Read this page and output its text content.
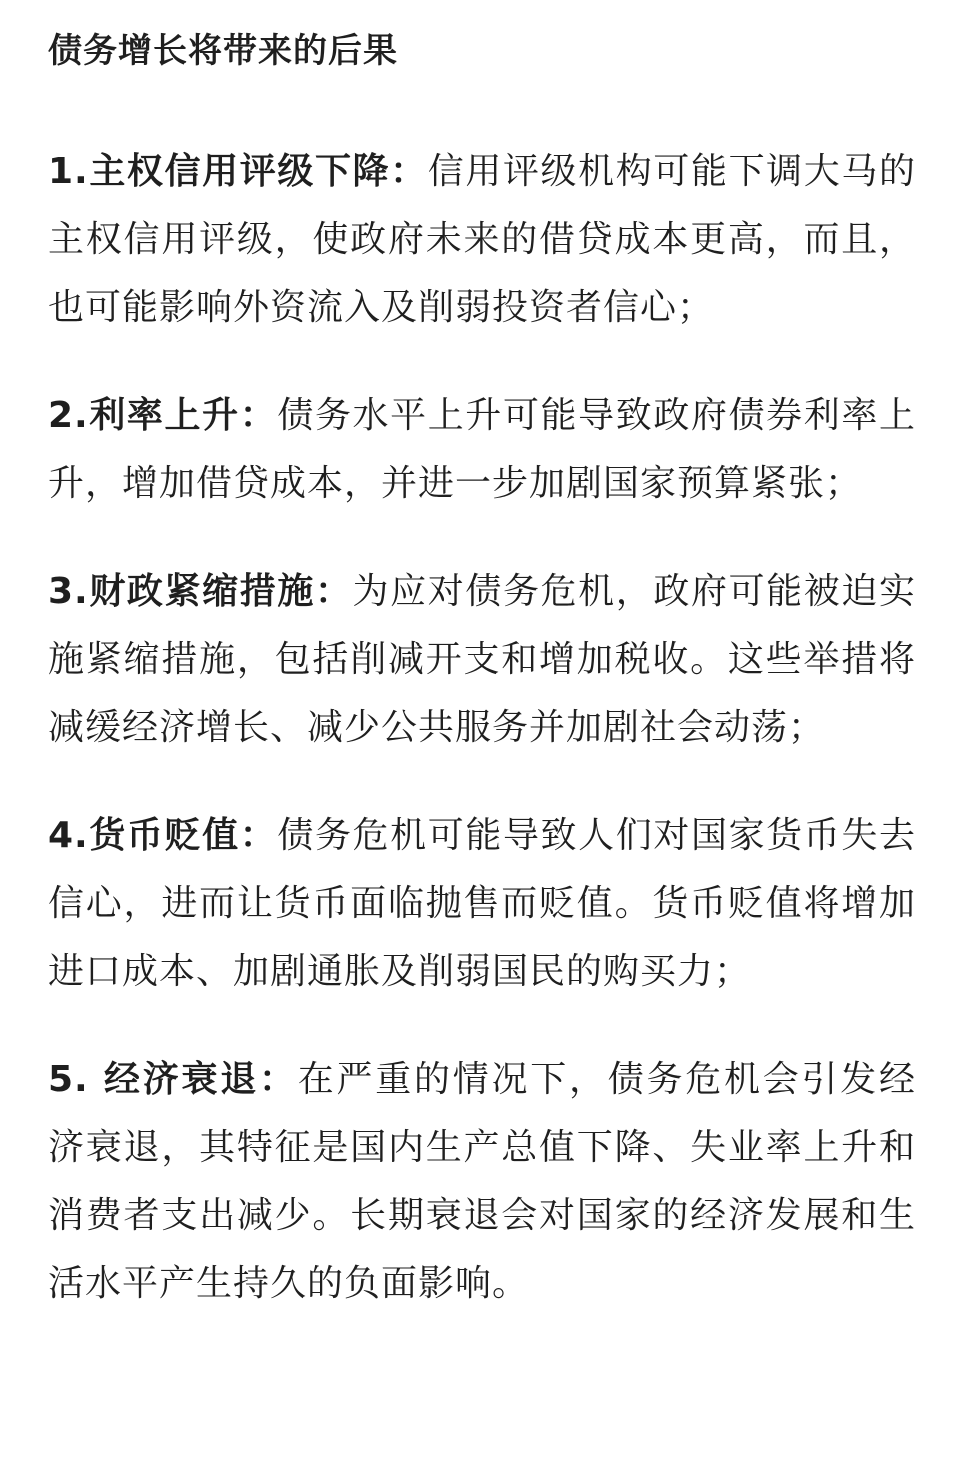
债务增长将带来的后果

1.主权信用评级下降：信用评级机构可能下调大马的主权信用评级，使政府未来的借贷成本更高，而且，也可能影响外资流入及削弱投资者信心；

2.利率上升：债务水平上升可能导致政府债券利率上升，增加借贷成本，并进一步加剧国家预算紧张；

3.财政紧缩措施：为应对债务危机，政府可能被迫实施紧缩措施，包括削减开支和增加税收。这些举措将减缓经济增长、减少公共服务并加剧社会动荡；

4.货币贬值：债务危机可能导致人们对国家货币失去信心，进而让货币面临抛售而贬值。货币贬值将增加进口成本、加剧通胀及削弱国民的购买力；

5. 经济衰退：在严重的情况下，债务危机会引发经济衰退，其特征是国内生产总值下降、失业率上升和消费者支出减少。长期衰退会对国家的经济发展和生活水平产生持久的负面影响。
